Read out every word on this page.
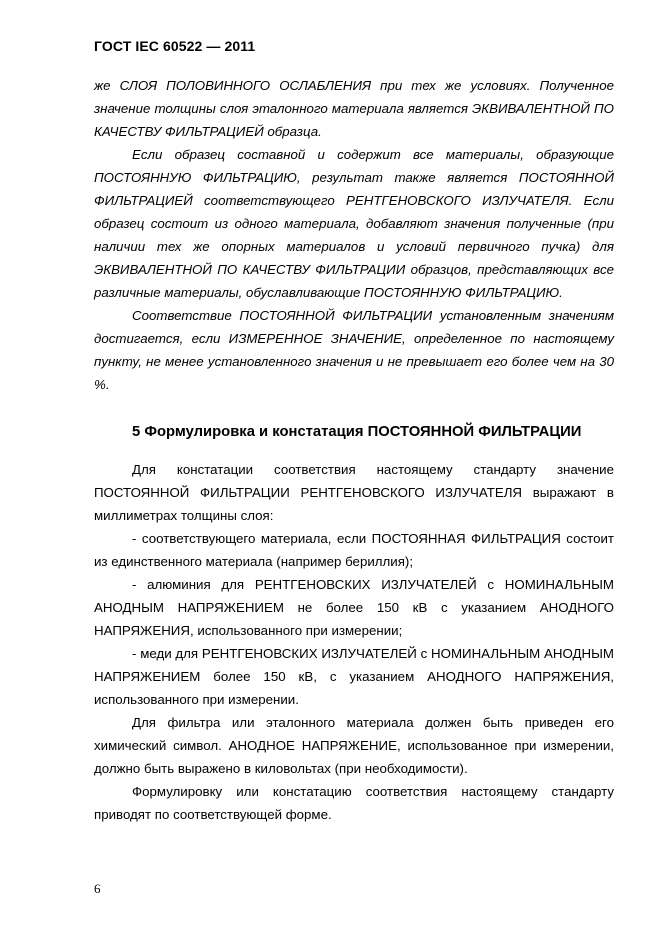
ГОСТ IEC 60522 — 2011

же СЛОЯ ПОЛОВИННОГО ОСЛАБЛЕНИЯ при тех же условиях. Полученное значение толщины слоя эталонного материала является ЭКВИВАЛЕНТНОЙ ПО КАЧЕСТВУ ФИЛЬТРАЦИЕЙ образца.

Если образец составной и содержит все материалы, образующие ПОСТОЯННУЮ ФИЛЬТРАЦИЮ, результат также является ПОСТОЯННОЙ ФИЛЬТРАЦИЕЙ соответствующего РЕНТГЕНОВСКОГО ИЗЛУЧАТЕЛЯ. Если образец состоит из одного материала, добавляют значения полученные (при наличии тех же опорных материалов и условий первичного пучка) для ЭКВИВАЛЕНТНОЙ ПО КАЧЕСТВУ ФИЛЬТРАЦИИ образцов, представляющих все различные материалы, обуславливающие ПОСТОЯННУЮ ФИЛЬТРАЦИЮ.

Соответствие ПОСТОЯННОЙ ФИЛЬТРАЦИИ установленным значениям достигается, если ИЗМЕРЕННОЕ ЗНАЧЕНИЕ, определенное по настоящему пункту, не менее установленного значения и не превышает его более чем на 30 %.

5 Формулировка и констатация ПОСТОЯННОЙ ФИЛЬТРАЦИИ

Для констатации соответствия настоящему стандарту значение ПОСТОЯННОЙ ФИЛЬТРАЦИИ РЕНТГЕНОВСКОГО ИЗЛУЧАТЕЛЯ выражают в миллиметрах толщины слоя:

- соответствующего материала, если ПОСТОЯННАЯ ФИЛЬТРАЦИЯ состоит из единственного материала (например бериллия);

- алюминия для РЕНТГЕНОВСКИХ ИЗЛУЧАТЕЛЕЙ с НОМИНАЛЬНЫМ АНОДНЫМ НАПРЯЖЕНИЕМ не более 150 кВ с указанием АНОДНОГО НАПРЯЖЕНИЯ, использованного при измерении;

- меди для РЕНТГЕНОВСКИХ ИЗЛУЧАТЕЛЕЙ с НОМИНАЛЬНЫМ АНОДНЫМ НАПРЯЖЕНИЕМ более 150 кВ, с указанием АНОДНОГО НАПРЯЖЕНИЯ, использованного при измерении.

Для фильтра или эталонного материала должен быть приведен его химический символ. АНОДНОЕ НАПРЯЖЕНИЕ, использованное при измерении, должно быть выражено в киловольтах (при необходимости).

Формулировку или констатацию соответствия настоящему стандарту приводят по соответствующей форме.

6
